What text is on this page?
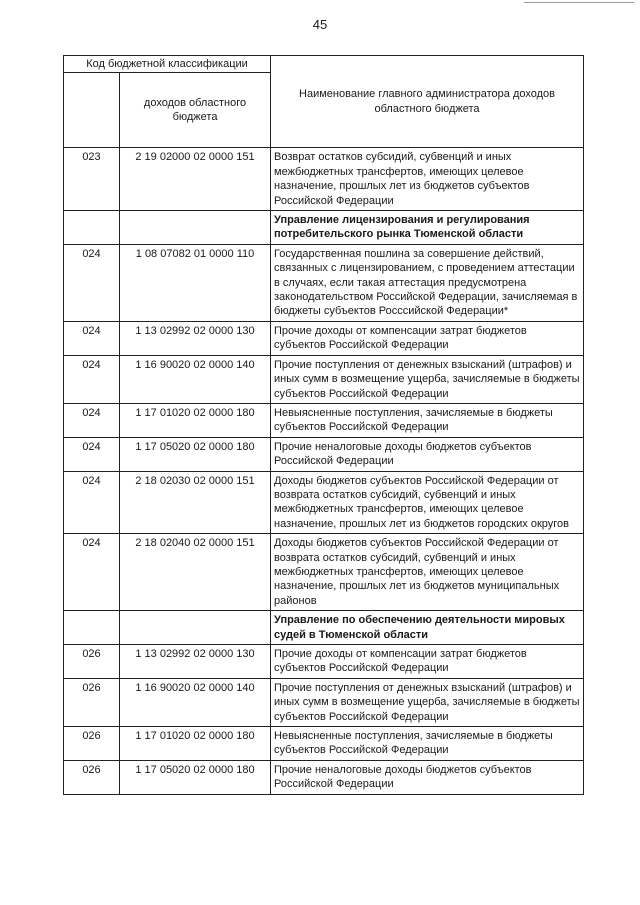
45
Код бюджетной классификации		Наименование главного администратора доходов областного бюджета
	доходов областного бюджета	
023	2 19 02000 02 0000 151	Возврат остатков субсидий, субвенций и иных межбюджетных трансфертов, имеющих целевое назначение, прошлых лет из бюджетов субъектов Российской Федерации
		Управление лицензирования и регулирования потребительского рынка Тюменской области
024	1 08 07082 01 0000 110	Государственная пошлина за совершение действий, связанных с лицензированием, с проведением аттестации в случаях, если такая аттестация предусмотрена законодательством Российской Федерации, зачисляемая в бюджеты субъектов Росссийской Федерации*
024	1 13 02992 02 0000 130	Прочие доходы от компенсации затрат бюджетов субъектов Российской Федерации
024	1 16 90020 02 0000 140	Прочие поступления от денежных взысканий (штрафов) и иных сумм в возмещение ущерба, зачисляемые в бюджеты субъектов Российской Федерации
024	1 17 01020 02 0000 180	Невыясненные поступления, зачисляемые в бюджеты субъектов Российской Федерации
024	1 17 05020 02 0000 180	Прочие неналоговые доходы бюджетов субъектов Российской Федерации
024	2 18 02030 02 0000 151	Доходы бюджетов субъектов Российской Федерации от возврата остатков субсидий, субвенций и иных межбюджетных трансфертов, имеющих целевое назначение, прошлых лет из бюджетов городских округов
024	2 18 02040 02 0000 151	Доходы бюджетов субъектов Российской Федерации от возврата остатков субсидий, субвенций и иных межбюджетных трансфертов, имеющих целевое назначение, прошлых лет из бюджетов муниципальных районов
		Управление по обеспечению деятельности мировых судей в Тюменской области
026	1 13 02992 02 0000 130	Прочие доходы от компенсации затрат бюджетов субъектов Российской Федерации
026	1 16 90020 02 0000 140	Прочие поступления от денежных взысканий (штрафов) и иных сумм в возмещение ущерба, зачисляемые в бюджеты субъектов Российской Федерации
026	1 17 01020 02 0000 180	Невыясненные поступления, зачисляемые в бюджеты субъектов Российской Федерации
026	1 17 05020 02 0000 180	Прочие неналоговые доходы бюджетов субъектов Российской Федерации
